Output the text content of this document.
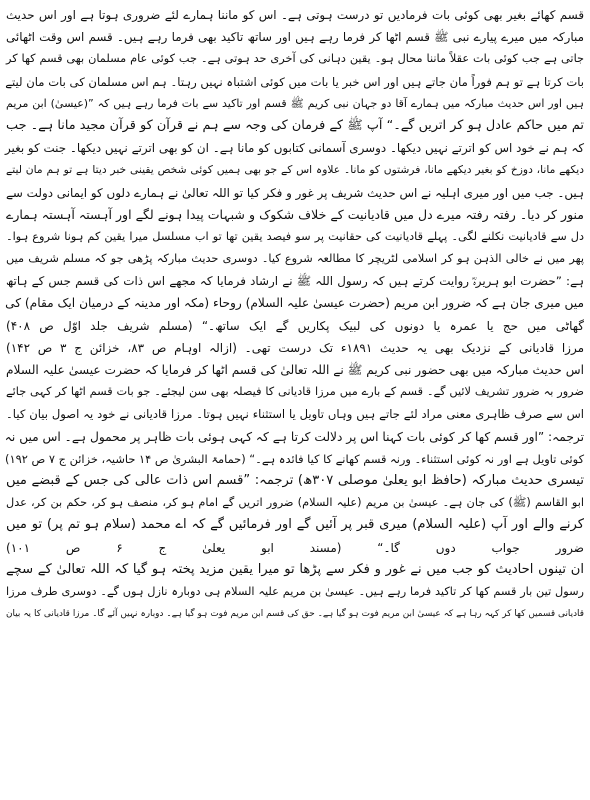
قسم کھائے بغیر بھی کوئی بات فرمادیں تو درست ہوتی ہے۔ اس کو ماننا ہمارے لئے ضروری ہوتا ہے اور اس حدیث
مبارکہ میں میرے پیارے نبی ﷺ قسم اٹھا کر فرما رہے ہیں اور ساتھ تاکید بھی فرما رہے ہیں۔ قسم اس وقت اٹھائی
جاتی ہے جب کوئی بات عقلاً ماننا محال ہو۔ یقین دہانی کی آخری حد ہوتی ہے۔ جب کوئی عام مسلمان بھی قسم کھا کر
بات کرتا ہے تو ہم فوراً مان جاتے ہیں اور اس خبر یا بات میں کوئی اشتباہ نہیں رہتا۔ ہم اس مسلمان کی بات مان لیتے
ہیں اور اس حدیث مبارکہ میں ہمارے آقا دو جہان نبی کریم ﷺ قسم اور تاکید سے بات فرما رہے ہیں کہ ”(عیسیٰ) ابن مریم
تم میں حاکم عادل ہو کر اتریں گے۔“ آپ ﷺ کے فرمان کی وجہ سے ہم نے قرآن کو قرآن مجید مانا ہے۔ جب
کہ ہم نے خود اس کو اترتے نہیں دیکھا۔ دوسری آسمانی کتابوں کو مانا ہے۔ ان کو بھی اترتے نہیں دیکھا۔ جنت کو بغیر
دیکھے مانا، دوزخ کو بغیر دیکھے مانا، فرشتوں کو مانا۔ علاوہ اس کے جو بھی ہمیں کوئی شخص یقینی خبر دیتا ہے تو ہم مان لیتے
ہیں۔ جب میں اور میری اہلیہ نے اس حدیث شریف پر غور و فکر کیا تو اللہ تعالیٰ نے ہمارے دلوں کو ایمانی دولت سے
منور کر دیا۔ رفتہ رفتہ میرے دل میں قادیانیت کے خلاف شکوک و شبہات پیدا ہونے لگے اور آہستہ آہستہ ہمارے
دل سے قادیانیت نکلنے لگی۔ پہلے قادیانیت کی حقانیت پر سو فیصد یقین تھا تو اب مسلسل میرا یقین کم ہونا شروع ہوا۔
پھر میں نے خالی الذہن ہو کر اسلامی لٹریچر کا مطالعہ شروع کیا۔ دوسری حدیث مبارکہ پڑھی جو کہ مسلم شریف میں
ہے: ”حضرت ابو ہریرہؓ روایت کرتے ہیں کہ رسول اللہ ﷺ نے ارشاد فرمایا کہ مجھے اس ذات کی قسم جس کے ہاتھ
میں میری جان ہے کہ ضرور ابن مریم (حضرت عیسیٰ علیہ السلام) روحاء (مکہ اور مدینہ کے درمیان ایک مقام) کی
گھاٹی میں حج یا عمرہ یا دونوں کی لبیک پکاریں گے ایک ساتھ۔“ (مسلم شریف جلد اوّل ص ۴۰۸)
مرزا قادیانی کے نزدیک بھی یہ حدیث ۱۸۹۱ء تک درست تھی۔ (ازالہ اوہام ص ۸۳، خزائن ج ۳ ص ۱۴۲)
اس حدیث مبارکہ میں بھی حضور نبی کریم ﷺ نے اللہ تعالیٰ کی قسم اٹھا کر فرمایا کہ حضرت عیسیٰ علیہ السلام
ضرور بہ ضرور تشریف لائیں گے۔ قسم کے بارے میں مرزا قادیانی کا فیصلہ بھی سن لیجئے۔ جو بات قسم اٹھا کر کہی جائے
اس سے صرف ظاہری معنی مراد لئے جاتے ہیں وہاں تاویل یا استثناء نہیں ہوتا۔ مرزا قادیانی نے خود یہ اصول بیان کیا۔
ترجمہ: ”اور قسم کھا کر کوئی بات کہنا اس پر دلالت کرتا ہے کہ کہی ہوئی بات ظاہر پر محمول ہے۔ اس میں نہ
کوئی تاویل ہے اور نہ کوئی استثناء۔ ورنہ قسم کھانے کا کیا فائدہ ہے۔“ (حمامۃ البشریٰ ص ۱۴ حاشیہ، خزائن ج ۷ ص ۱۹۲)
تیسری حدیث مبارکہ (حافظ ابو یعلیٰ موصلی ۳۰۷ھ) ترجمہ: ”قسم اس ذات عالی کی جس کے قبضے میں
ابو القاسم (ﷺ) کی جان ہے۔ عیسیٰ بن مریم (علیہ السلام) ضرور اتریں گے امام ہو کر، منصف ہو کر، حکم بن کر، عدل
کرنے والے اور آپ (علیہ السلام) میری قبر پر آئیں گے اور فرمائیں گے کہ اے محمد (سلام ہو تم پر) تو میں
ضرور جواب دوں گا۔“ (مسند ابو یعلیٰ ج ۶ ص ۱۰۱)
ان تینوں احادیث کو جب میں نے غور و فکر سے پڑھا تو میرا یقین مزید پختہ ہو گیا کہ اللہ تعالیٰ کے سچے
رسول تین بار قسم کھا کر تاکید فرما رہے ہیں۔ عیسیٰ بن مریم علیہ السلام ہی دوبارہ نازل ہوں گے۔ دوسری طرف مرزا
قادیانی قسمیں کھا کر کہہ رہا ہے کہ عیسیٰ ابن مریم فوت ہو گیا ہے۔ حق کی قسم ابن مریم فوت ہو گیا ہے۔ دوبارہ نہیں آئے گا۔ مرزا قادیانی کا یہ بیان
